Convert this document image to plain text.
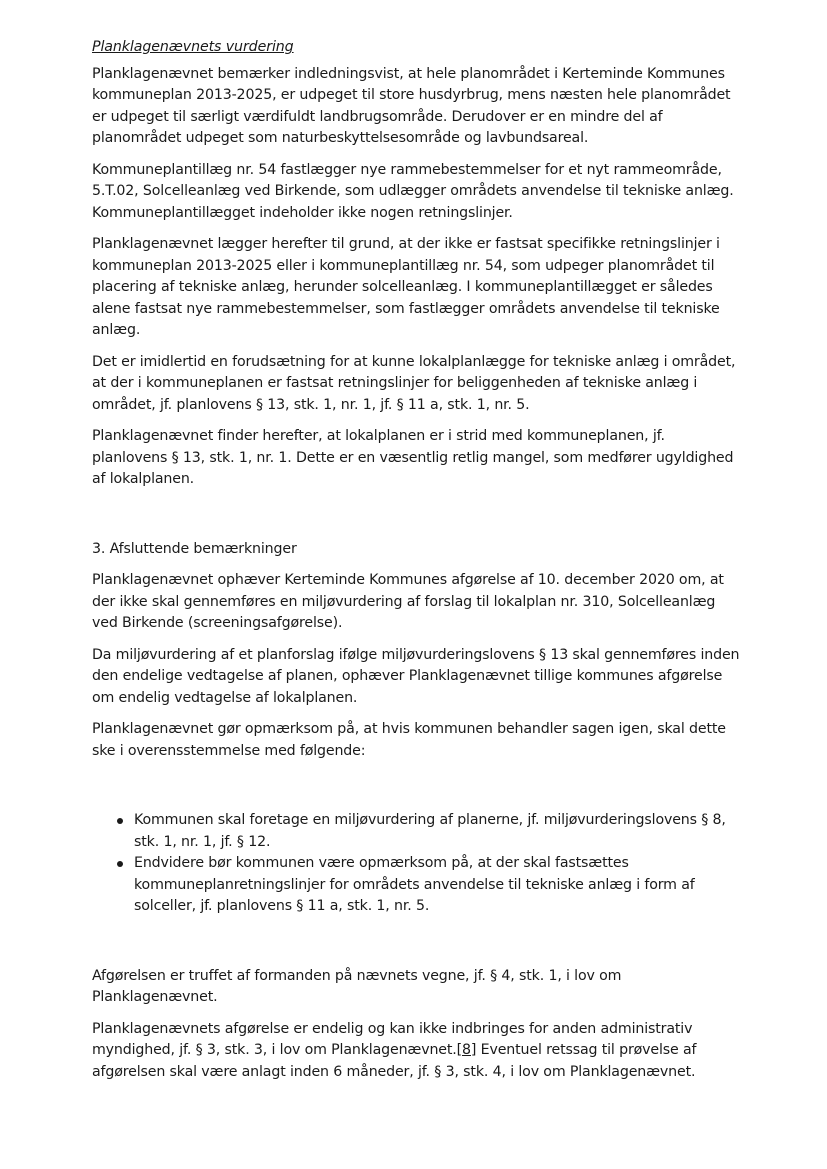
Planklagenævnets vurdering

Planklagenævnet bemærker indledningsvist, at hele planområdet i Kerteminde Kommunes kommuneplan 2013-2025, er udpeget til store husdyrbrug, mens næsten hele planområdet er udpeget til særligt værdifuldt landbrugsområde. Derudover er en mindre del af planområdet udpeget som naturbeskyttelsesområde og lavbundsareal.

Kommuneplantillæg nr. 54 fastlægger nye rammebestemmelser for et nyt rammeområde, 5.T.02, Solcelleanlæg ved Birkende, som udlægger områdets anvendelse til tekniske anlæg. Kommuneplantillægget indeholder ikke nogen retningslinjer.

Planklagenævnet lægger herefter til grund, at der ikke er fastsat specifikke retningslinjer i kommuneplan 2013-2025 eller i kommuneplantillæg nr. 54, som udpeger planområdet til placering af tekniske anlæg, herunder solcelleanlæg. I kommuneplantillægget er således alene fastsat nye rammebestemmelser, som fastlægger områdets anvendelse til tekniske anlæg.

Det er imidlertid en forudsætning for at kunne lokalplanlægge for tekniske anlæg i området, at der i kommuneplanen er fastsat retningslinjer for beliggenheden af tekniske anlæg i området, jf. planlovens § 13, stk. 1, nr. 1, jf. § 11 a, stk. 1, nr. 5.

Planklagenævnet finder herefter, at lokalplanen er i strid med kommuneplanen, jf. planlovens § 13, stk. 1, nr. 1. Dette er en væsentlig retlig mangel, som medfører ugyldighed af lokalplanen.

3. Afsluttende bemærkninger

Planklagenævnet ophæver Kerteminde Kommunes afgørelse af 10. december 2020 om, at der ikke skal gennemføres en miljøvurdering af forslag til lokalplan nr. 310, Solcelleanlæg ved Birkende (screeningsafgørelse).

Da miljøvurdering af et planforslag ifølge miljøvurderingslovens § 13 skal gennemføres inden den endelige vedtagelse af planen, ophæver Planklagenævnet tillige kommunes afgørelse om endelig vedtagelse af lokalplanen.

Planklagenævnet gør opmærksom på, at hvis kommunen behandler sagen igen, skal dette ske i overensstemmelse med følgende:

Kommunen skal foretage en miljøvurdering af planerne, jf. miljøvurderingslovens § 8, stk. 1, nr. 1, jf. § 12.
Endvidere bør kommunen være opmærksom på, at der skal fastsættes kommuneplanretningslinjer for områdets anvendelse til tekniske anlæg i form af solceller, jf. planlovens § 11 a, stk. 1, nr. 5.

Afgørelsen er truffet af formanden på nævnets vegne, jf. § 4, stk. 1, i lov om Planklagenævnet.

Planklagenævnets afgørelse er endelig og kan ikke indbringes for anden administrativ myndighed, jf. § 3, stk. 3, i lov om Planklagenævnet.[8] Eventuel retssag til prøvelse af afgørelsen skal være anlagt inden 6 måneder, jf. § 3, stk. 4, i lov om Planklagenævnet.
